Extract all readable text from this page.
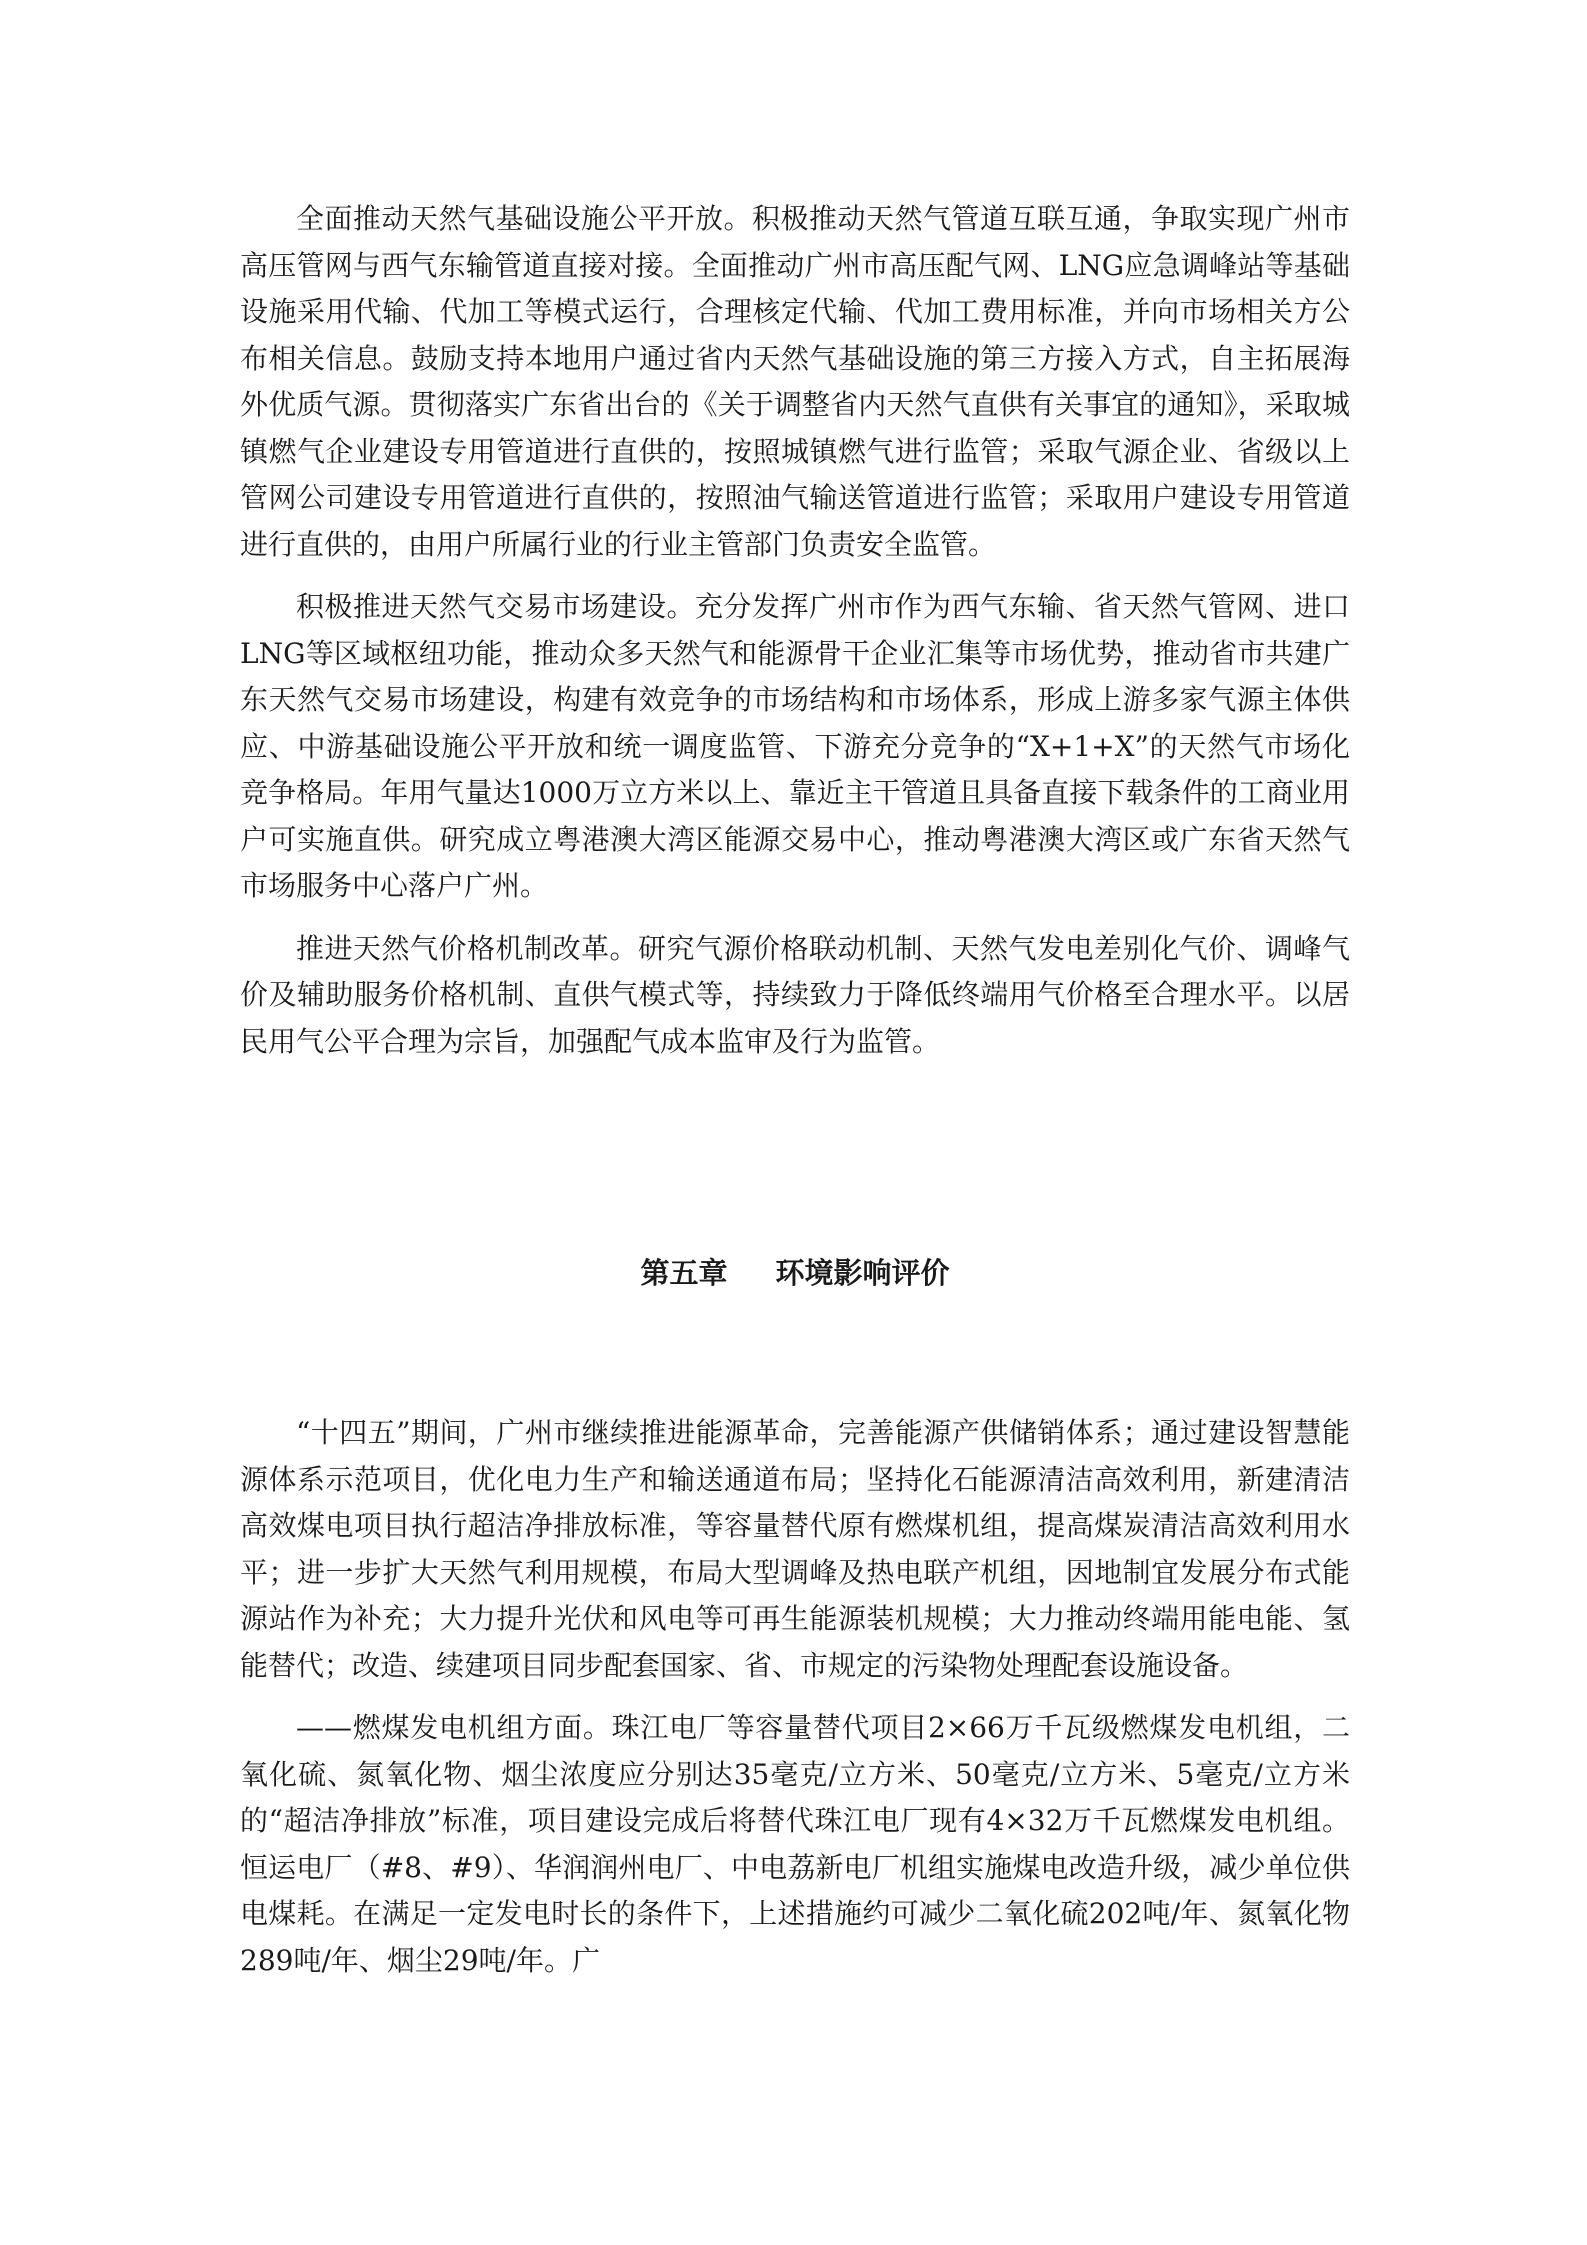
全面推动天然气基础设施公平开放。积极推动天然气管道互联互通，争取实现广州市高压管网与西气东输管道直接对接。全面推动广州市高压配气网、LNG应急调峰站等基础设施采用代输、代加工等模式运行，合理核定代输、代加工费用标准，并向市场相关方公布相关信息。鼓励支持本地用户通过省内天然气基础设施的第三方接入方式，自主拓展海外优质气源。贯彻落实广东省出台的《关于调整省内天然气直供有关事宜的通知》，采取城镇燃气企业建设专用管道进行直供的，按照城镇燃气进行监管；采取气源企业、省级以上管网公司建设专用管道进行直供的，按照油气输送管道进行监管；采取用户建设专用管道进行直供的，由用户所属行业的行业主管部门负责安全监管。

积极推进天然气交易市场建设。充分发挥广州市作为西气东输、省天然气管网、进口LNG等区域枢纽功能，推动众多天然气和能源骨干企业汇集等市场优势，推动省市共建广东天然气交易市场建设，构建有效竞争的市场结构和市场体系，形成上游多家气源主体供应、中游基础设施公平开放和统一调度监管、下游充分竞争的“X+1+X”的天然气市场化竞争格局。年用气量达1000万立方米以上、靠近主干管道且具备直接下载条件的工商业用户可实施直供。研究成立粤港澳大湾区能源交易中心，推动粤港澳大湾区或广东省天然气市场服务中心落户广州。

推进天然气价格机制改革。研究气源价格联动机制、天然气发电差别化气价、调峰气价及辅助服务价格机制、直供气模式等，持续致力于降低终端用气价格至合理水平。以居民用气公平合理为宗旨，加强配气成本监审及行为监管。

第五章 环境影响评价

“十四五”期间，广州市继续推进能源革命，完善能源产供储销体系；通过建设智慧能源体系示范项目，优化电力生产和输送通道布局；坚持化石能源清洁高效利用，新建清洁高效煤电项目执行超洁净排放标准，等容量替代原有燃煤机组，提高煤炭清洁高效利用水平；进一步扩大天然气利用规模，布局大型调峰及热电联产机组，因地制宜发展分布式能源站作为补充；大力提升光伏和风电等可再生能源装机规模；大力推动终端用能电能、氢能替代；改造、续建项目同步配套国家、省、市规定的污染物处理配套设施设备。

——燃煤发电机组方面。珠江电厂等容量替代项目2×66万千瓦级燃煤发电机组，二氧化硫、氮氧化物、烟尘浓度应分别达35毫克/立方米、50毫克/立方米、5毫克/立方米的“超洁净排放”标准，项目建设完成后将替代珠江电厂现有4×32万千瓦燃煤发电机组。恒运电厂（#8、#9）、华润润州电厂、中电荔新电厂机组实施煤电改造升级，减少单位供电煤耗。在满足一定发电时长的条件下，上述措施约可减少二氧化硫202吨/年、氮氧化物289吨/年、烟尘29吨/年。广
